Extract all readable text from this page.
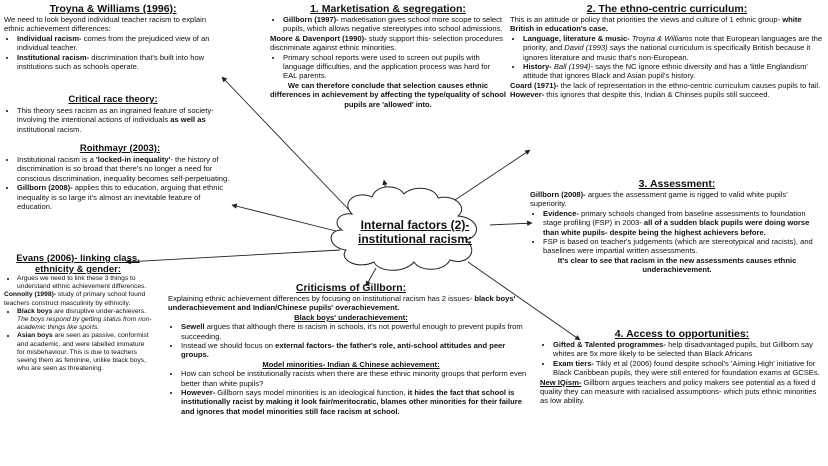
Internal factors (2)-
institutional racism:

Troyna & Williams (1996):

We need to look beyond individual teacher racism to explain ethnic achievement differences:

• Individual racism- comes from the prejudiced view of an individual teacher.
• Institutional racism- discrimination that's built into how institutions such as schools operate.

Critical race theory:

• This theory sees racism as an ingrained feature of society- involving the intentional actions of individuals as well as institutional racism.

Roithmayr (2003):

• Institutional racism is a 'locked-in inequality'- the history of discrimination is so broad that there's no longer a need for conscious discrimination, inequality becomes self-perpetuating.
• Gillborn (2008)- applies this to education, arguing that ethnic inequality is so large it's almost an inevitable feature of education.

Evans (2006)- linking class,
ethnicity & gender:

• Argues we need to link these 3 things to understand ethnic achievement differences.

Connolly (1998)- study of primary school found teachers construct masculinity by ethnicity.

• Black boys are disruptive under-achievers. The boys respond by getting status from non-academic things like sports.
• Asian boys are seen as passive, conformist and academic, and were labelled immature for misbehaviour. This is due to teachers seeing them as feminine, unlike black boys, who are seen as threatening.

1. Marketisation & segregation:

• Gillborn (1997)- marketisation gives school more scope to select pupils, which allows negative stereotypes into school admissions.

Moore & Davenport (1990)- study support this- selection procedures discriminate against ethnic minorities.

• Primary school reports were used to screen out pupils with language difficulties, and the application process was hard for EAL parents.

We can therefore conclude that selection causes ethnic differences in achievement by affecting the type/quality of school pupils are 'allowed' into.

2. The ethno-centric curriculum:

This is an attitude or policy that priorities the views and culture of 1 ethnic group- white British in education's case.

• Language, literature & music- Troyna & Williams note that European languages are the priority, and David (1993) says the national curriculum is specifically British because it ignores literature and music that's non-European.
• History- Ball (1994)- says the NC ignore ethnic diversity and has a 'little Englandism' attitude that ignores Black and Asian pupil's history.

Coard (1971)- the lack of representation in the ethno-centric curriculum causes pupils to fail.

However- this ignores that despite this, Indian & Chinses pupils still succeed.

3. Assessment:

Gillborn (2008)- argues the assessment game is rigged to valid white pupils' superiority.

• Evidence- primary schools changed from baseline assessments to foundation stage profiling (FSP) in 2003- all of a sudden black pupils were doing worse than white pupils- despite being the highest achievers before.
• FSP is based on teacher's judgements (which are stereotypical and racists), and baselines were impartial written assessments.

It's clear to see that racism in the new assessments causes ethnic underachievement.

4. Access to opportunities:

• Gifted & Talented programmes- help disadvantaged pupils, but Gillborn say whites are 5x more likely to be selected than Black Africans
• Exam tiers- Tikly et al (2006) found despite school's 'Aiming High' initiative for Black Caribbean pupils, they were still entered for foundation exams at GCSEs.

New IQism- Gillborn argues teachers and policy makers see potential as a fixed d quality they can measure with racialised assumptions- which puts ethnic minorities as low ability.

Criticisms of Gillborn:

Explaining ethnic achievement differences by focusing on institutional racism has 2 issues- black boys' underachievement and Indian/Chinese pupils' overachievement.

Black boys' underachievement:

• Sewell argues that although there is racism in schools, it's not powerful enough to prevent pupils from succeeding.
• Instead we should focus on external factors- the father's role, anti-school attitudes and peer groups.

Model minorities- Indian & Chinese achievement:

• How can school be institutionally racists when there are these ethnic minority groups that perform even better than white pupils?
• However- Gillborn says model minorities is an ideological function, it hides the fact that school is institutionally racist by making it look fair/meritocratic, blames other minorities for their failure and ignores that model minorities still face racism at school.
